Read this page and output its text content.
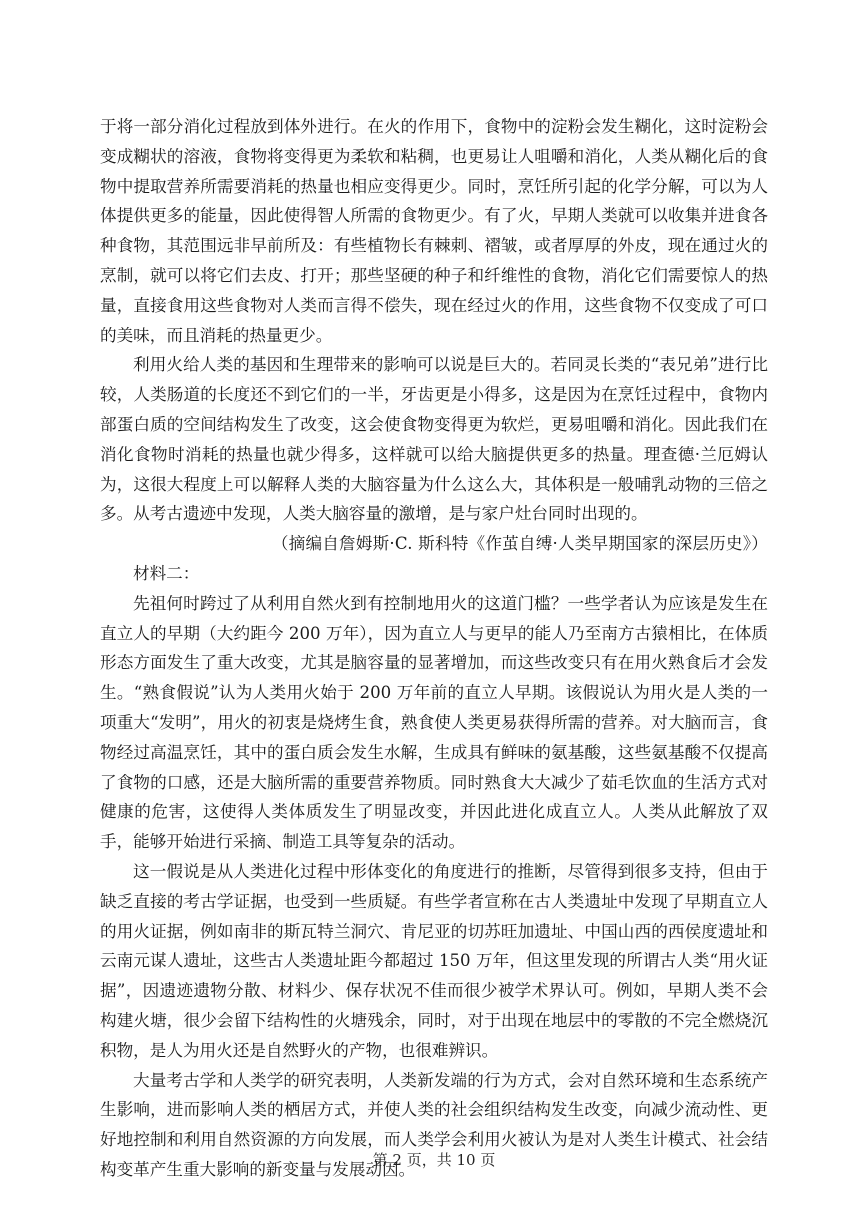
于将一部分消化过程放到体外进行。在火的作用下，食物中的淀粉会发生糊化，这时淀粉会变成糊状的溶液，食物将变得更为柔软和粘稠，也更易让人咀嚼和消化，人类从糊化后的食物中提取营养所需要消耗的热量也相应变得更少。同时，烹饪所引起的化学分解，可以为人体提供更多的能量，因此使得智人所需的食物更少。有了火，早期人类就可以收集并进食各种食物，其范围远非早前所及：有些植物长有棘刺、褶皱，或者厚厚的外皮，现在通过火的烹制，就可以将它们去皮、打开；那些坚硬的种子和纤维性的食物，消化它们需要惊人的热量，直接食用这些食物对人类而言得不偿失，现在经过火的作用，这些食物不仅变成了可口的美味，而且消耗的热量更少。

利用火给人类的基因和生理带来的影响可以说是巨大的。若同灵长类的“表兄弟”进行比较，人类肠道的长度还不到它们的一半，牙齿更是小得多，这是因为在烹饪过程中，食物内部蛋白质的空间结构发生了改变，这会使食物变得更为软烂，更易咀嚼和消化。因此我们在消化食物时消耗的热量也就少得多，这样就可以给大脑提供更多的热量。理查德·兰厄姆认为，这很大程度上可以解释人类的大脑容量为什么这么大，其体积是一般哺乳动物的三倍之多。从考古遗迹中发现，人类大脑容量的激增，是与家户灶台同时出现的。

（摘编自詹姆斯·C. 斯科特《作茧自缚·人类早期国家的深层历史》）

材料二：

先祖何时跨过了从利用自然火到有控制地用火的这道门槛？一些学者认为应该是发生在直立人的早期（大约距今 200 万年），因为直立人与更早的能人乃至南方古猿相比，在体质形态方面发生了重大改变，尤其是脑容量的显著增加，而这些改变只有在用火熟食后才会发生。“熟食假说”认为人类用火始于 200 万年前的直立人早期。该假说认为用火是人类的一项重大“发明”，用火的初衷是烧烤生食，熟食使人类更易获得所需的营养。对大脑而言，食物经过高温烹饪，其中的蛋白质会发生水解，生成具有鲜味的氨基酸，这些氨基酸不仅提高了食物的口感，还是大脑所需的重要营养物质。同时熟食大大减少了茹毛饮血的生活方式对健康的危害，这使得人类体质发生了明显改变，并因此进化成直立人。人类从此解放了双手，能够开始进行采摘、制造工具等复杂的活动。

这一假说是从人类进化过程中形体变化的角度进行的推断，尽管得到很多支持，但由于缺乏直接的考古学证据，也受到一些质疑。有些学者宣称在古人类遗址中发现了早期直立人的用火证据，例如南非的斯瓦特兰洞穴、肯尼亚的切苏旺加遗址、中国山西的西侯度遗址和云南元谋人遗址，这些古人类遗址距今都超过 150 万年，但这里发现的所谓古人类“用火证据”，因遗迹遗物分散、材料少、保存状况不佳而很少被学术界认可。例如，早期人类不会构建火塘，很少会留下结构性的火塘残余，同时，对于出现在地层中的零散的不完全燃烧沉积物，是人为用火还是自然野火的产物，也很难辨识。

大量考古学和人类学的研究表明，人类新发端的行为方式，会对自然环境和生态系统产生影响，进而影响人类的栖居方式，并使人类的社会组织结构发生改变，向减少流动性、更好地控制和利用自然资源的方向发展，而人类学会利用火被认为是对人类生计模式、社会结构变革产生重大影响的新变量与发展动因。

第 2 页，共 10 页
